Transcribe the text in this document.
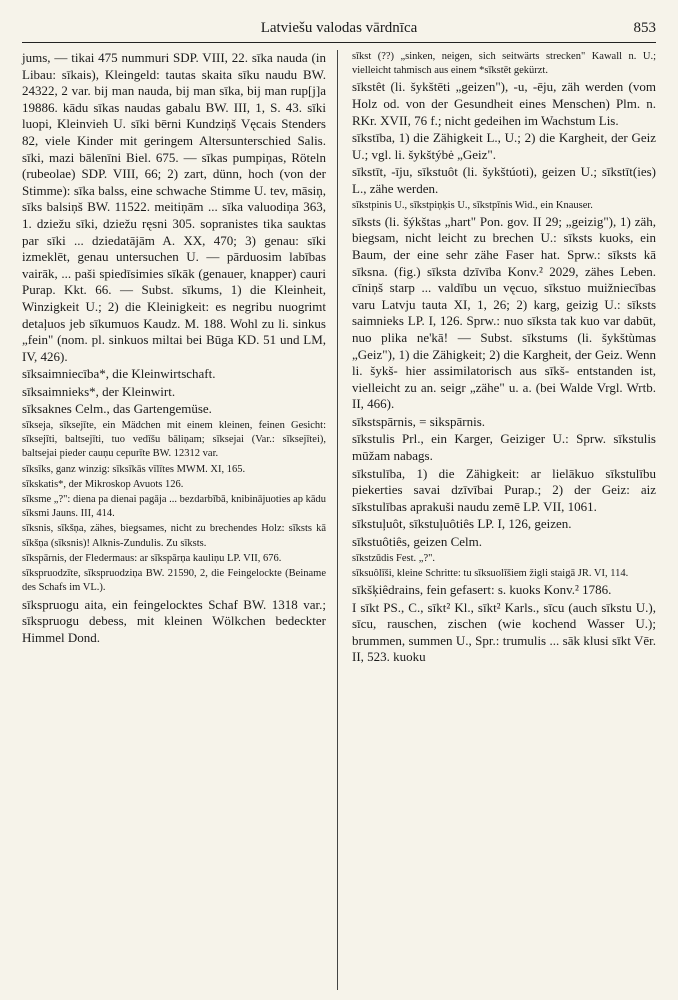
Latviešu valodas vārdnīca	853

jums, — tikai 475 nummuri SDP. VIII, 22. sīka nauda (in Libau: sīkais), Kleingeld: tautas skaita sīku naudu BW. 24322, 2 var. bij man nauda, bij man sīka, bij man rup[j]a 19886. kādu sīkas naudas gabalu BW. III, 1, S. 43. sīki luopi, Kleinvieh U. sīki bērni Kundziņš Vęcais Stenders 82, viele Kinder mit geringem Altersunterschied Salis. sīki, mazi bālenīni Biel. 675. — sīkas pumpiņas, Röteln (rubeolae) SDP. VIII, 66; 2) zart, dünn, hoch (von der Stimme): sīka balss, eine schwache Stimme U. tev, māsiņ, sīks balsiņš BW. 11522. meitiņām ... sīka valuodiņa 363, 1. dziežu sīki, dziežu ręsni 305. sopranistes tika sauktas par sīki ... dziedatājām A. XX, 470; 3) genau: sīki izmeklēt, genau untersuchen U. — pārduosim labības vairāk, ... paši spiedīsimies sīkāk (genauer, knapper) cauri Purap. Kkt. 66. — Subst. sīkums, 1) die Kleinheit, Winzigkeit U.; 2) die Kleinigkeit: es negribu nuogrimt detaļuos jeb sīkumuos Kaudz. M. 188. Wohl zu li. sinkus „fein" (nom. pl. sinkuos miltai bei Būga KD. 51 und LM, IV, 426).

sīksaimniecība*, die Kleinwirtschaft.

sīksaimnieks*, der Kleinwirt.

sīksaknes Celm., das Gartengemüse.

sīkseja, sīksejīte, ein Mädchen mit einem kleinen, feinen Gesicht: sīksejīti, baltsejīti, tuo vedīšu bāliņam; sīksejai (Var.: sīksejītei), baltsejai pieder cauņu cepurīte BW. 12312 var.

sīksīks, ganz winzig: sīksīkās vīlītes MWM. XI, 165.

sīkskatis*, der Mikroskop Avuots 126.

sīksme „?": diena pa dienai pagāja ... bezdarbībā, knibinājuoties ap kādu sīksmi Jauns. III, 414.

sīksnis, sīkšņa, zähes, biegsames, nicht zu brechendes Holz: sīksts kā sīkšņa (sīksnis)! Alknis-Zundulis. Zu sīksts.

sīkspārnis, der Fledermaus: ar sīkspārņa kauliņu LP. VII, 676.

sīkspruodzīte, sīkspruodziņa BW. 21590, 2, die Feingelockte (Beiname des Schafs im VL.).

sīkspruogu aita, ein feingelocktes Schaf BW. 1318 var.; sīkspruogu debess, mit kleinen Wölkchen bedeckter Himmel Dond.

sīkst (??) „sinken, neigen, sich seitwärts strecken" Kawall n. U.; vielleicht tahmisch aus einem *sīkstēt gekürzt.

sīkstêt (li. šykštēti „geizen"), -u, -ēju, zäh werden (vom Holz od. von der Gesundheit eines Menschen) Plm. n. RKr. XVII, 76 f.; nicht gedeihen im Wachstum Lis.

sīkstība, 1) die Zähigkeit L., U.; 2) die Kargheit, der Geiz U.; vgl. li. šykštýbė „Geiz".

sīkstīt, -īju, sīkstuôt (li. šykštúoti), geizen U.; sīkstīt(ies) L., zähe werden.

sīkstpinis U., sīkstpiņķis U., sīkstpīnis Wid., ein Knauser.

sīksts (li. šýkštas „hart" Pon. gov. II 29; „geizig"), 1) zäh, biegsam, nicht leicht zu brechen U.: sīksts kuoks, ein Baum, der eine sehr zähe Faser hat. Sprw.: sīksts kā sīksna. (fig.) sīksta dzīvība Konv.² 2029, zähes Leben. cīniņš starp ... valdību un vęcuo, sīkstuo muižniecības varu Latvju tauta XI, 1, 26; 2) karg, geizig U.: sīksts saimnieks LP. I, 126. Sprw.: nuo sīksta tak kuo var dabūt, nuo plika ne'kā! — Subst. sīkstums (li. šykštùmas „Geiz"), 1) die Zähigkeit; 2) die Kargheit, der Geiz. Wenn li. šykš- hier assimilatorisch aus sīkš- entstanden ist, vielleicht zu an. seigr „zähe" u. a. (bei Walde Vrgl. Wrtb. II, 466).

sīkstspārnis, = sikspārnis.

sīkstulis Prl., ein Karger, Geiziger U.: Sprw. sīkstulis mūžam nabags.

sīkstulība, 1) die Zähigkeit: ar lielākuo sīkstulību piekerties savai dzīvībai Purap.; 2) der Geiz: aiz sīkstulības aprakuši naudu zemē LP. VII, 1061.

sīkstuļuôt, sīkstuļuôtiês LP. I, 126, geizen.

sīkstuôtiês, geizen Celm.

sīkstzūdis Fest. „?".

sīksuôlīši, kleine Schritte: tu sīksuolīšiem žigli staigā JR. VI, 114.

sīkšķiêdrains, fein gefasert: s. kuoks Konv.² 1786.

I sīkt PS., C., sīkt² Kl., sīkt² Karls., sīcu (auch sīkstu U.), sīcu, rauschen, zischen (wie kochend Wasser U.); brummen, summen U., Spr.: trumulis ... sāk klusi sīkt Vēr. II, 523. kuoku
